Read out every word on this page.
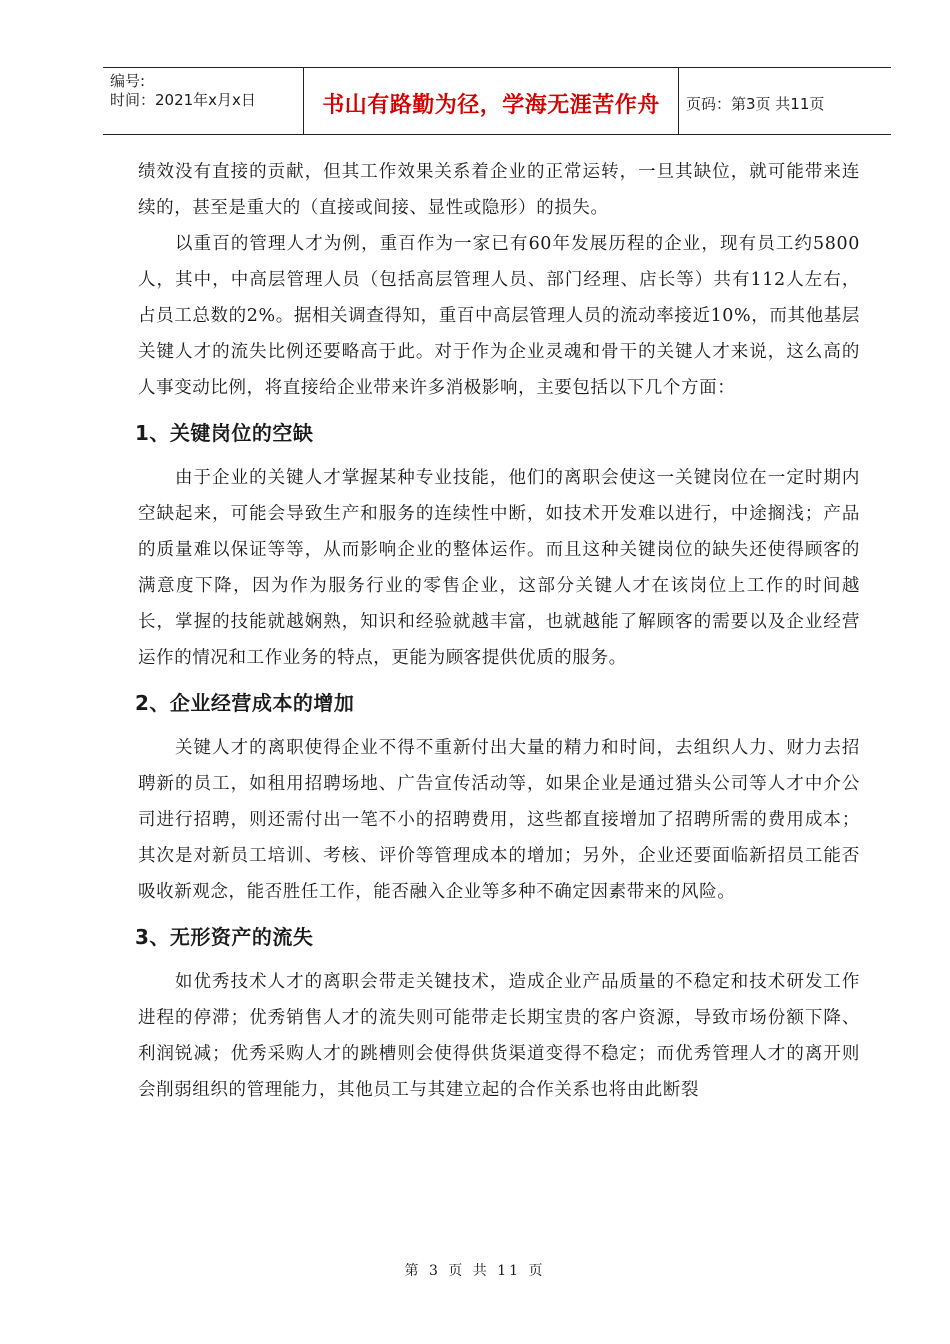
编号:
时间：2021年x月x日	书山有路勤为径，学海无涯苦作舟 页码：第3页 共11页

绩效没有直接的贡献，但其工作效果关系着企业的正常运转，一旦其缺位，就可能带来连续的，甚至是重大的（直接或间接、显性或隐形）的损失。

以重百的管理人才为例，重百作为一家已有60年发展历程的企业，现有员工约5800人，其中，中高层管理人员（包括高层管理人员、部门经理、店长等）共有112人左右，占员工总数的2%。据相关调查得知，重百中高层管理人员的流动率接近10%，而其他基层关键人才的流失比例还要略高于此。对于作为企业灵魂和骨干的关键人才来说，这么高的人事变动比例，将直接给企业带来许多消极影响，主要包括以下几个方面：

1、关键岗位的空缺

由于企业的关键人才掌握某种专业技能，他们的离职会使这一关键岗位在一定时期内空缺起来，可能会导致生产和服务的连续性中断，如技术开发难以进行，中途搁浅；产品的质量难以保证等等，从而影响企业的整体运作。而且这种关键岗位的缺失还使得顾客的满意度下降，因为作为服务行业的零售企业，这部分关键人才在该岗位上工作的时间越长，掌握的技能就越娴熟，知识和经验就越丰富，也就越能了解顾客的需要以及企业经营运作的情况和工作业务的特点，更能为顾客提供优质的服务。

2、企业经营成本的增加

关键人才的离职使得企业不得不重新付出大量的精力和时间，去组织人力、财力去招聘新的员工，如租用招聘场地、广告宣传活动等，如果企业是通过猎头公司等人才中介公司进行招聘，则还需付出一笔不小的招聘费用，这些都直接增加了招聘所需的费用成本；其次是对新员工培训、考核、评价等管理成本的增加；另外，企业还要面临新招员工能否吸收新观念，能否胜任工作，能否融入企业等多种不确定因素带来的风险。

3、无形资产的流失

如优秀技术人才的离职会带走关键技术，造成企业产品质量的不稳定和技术研发工作进程的停滞；优秀销售人才的流失则可能带走长期宝贵的客户资源，导致市场份额下降、利润锐减；优秀采购人才的跳槽则会使得供货渠道变得不稳定；而优秀管理人才的离开则会削弱组织的管理能力，其他员工与其建立起的合作关系也将由此断裂

第 3 页 共 11 页
